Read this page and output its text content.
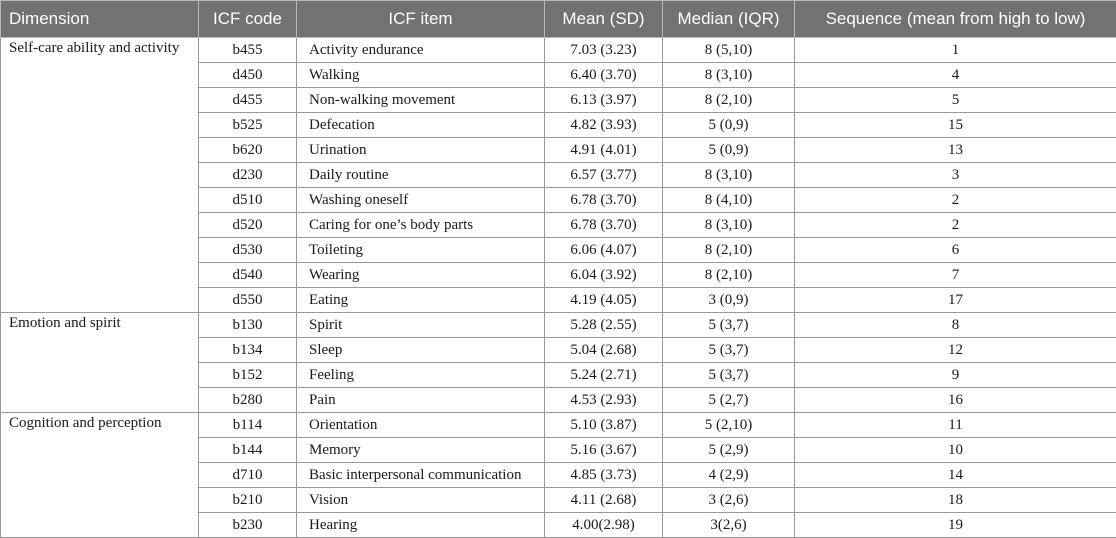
Dimension	ICF code	ICF item	Mean (SD)	Median (IQR)	Sequence (mean from high to low)
Self-care ability and activity	b455	Activity endurance	7.03 (3.23)	8 (5,10)	1
	d450	Walking	6.40 (3.70)	8 (3,10)	4
	d455	Non-walking movement	6.13 (3.97)	8 (2,10)	5
	b525	Defecation	4.82 (3.93)	5 (0,9)	15
	b620	Urination	4.91 (4.01)	5 (0,9)	13
	d230	Daily routine	6.57 (3.77)	8 (3,10)	3
	d510	Washing oneself	6.78 (3.70)	8 (4,10)	2
	d520	Caring for one’s body parts	6.78 (3.70)	8 (3,10)	2
	d530	Toileting	6.06 (4.07)	8 (2,10)	6
	d540	Wearing	6.04 (3.92)	8 (2,10)	7
	d550	Eating	4.19 (4.05)	3 (0,9)	17
Emotion and spirit	b130	Spirit	5.28 (2.55)	5 (3,7)	8
	b134	Sleep	5.04 (2.68)	5 (3,7)	12
	b152	Feeling	5.24 (2.71)	5 (3,7)	9
	b280	Pain	4.53 (2.93)	5 (2,7)	16
Cognition and perception	b114	Orientation	5.10 (3.87)	5 (2,10)	11
	b144	Memory	5.16 (3.67)	5 (2,9)	10
	d710	Basic interpersonal communication	4.85 (3.73)	4 (2,9)	14
	b210	Vision	4.11 (2.68)	3 (2,6)	18
	b230	Hearing	4.00(2.98)	3(2,6)	19
